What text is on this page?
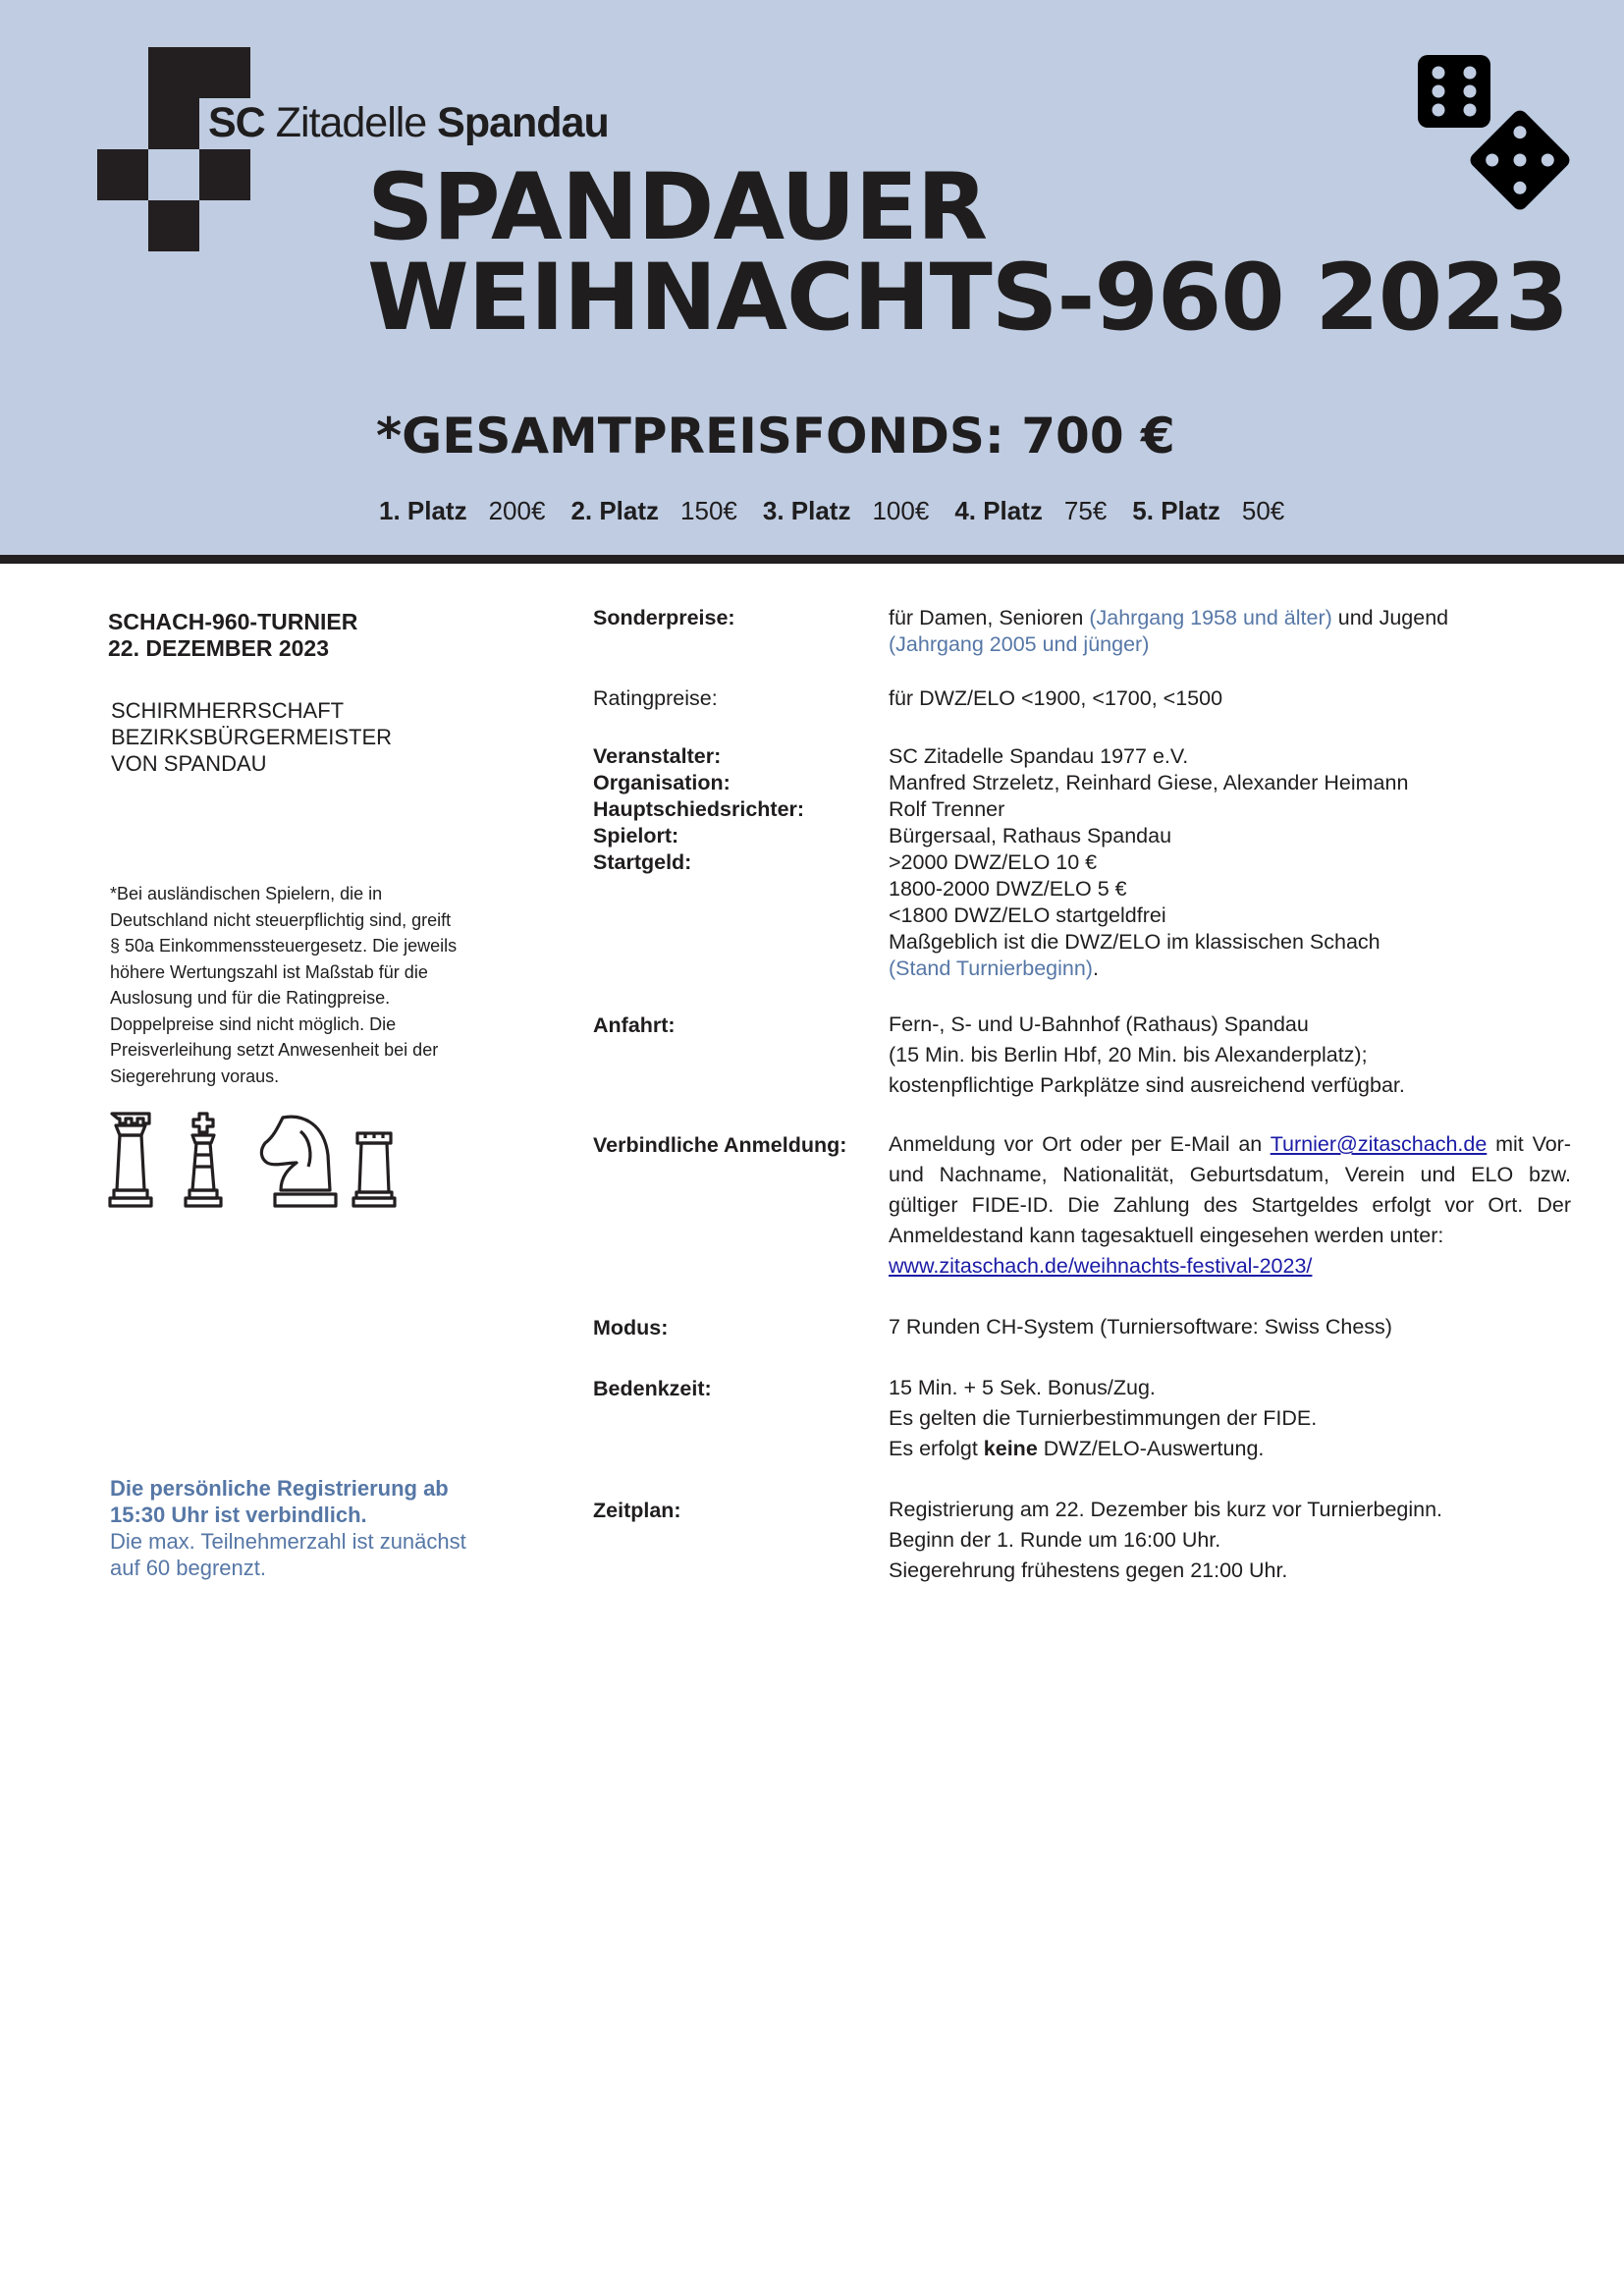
SC Zitadelle Spandau
SPANDAUER
WEIHNACHTS-960 2023
*GESAMTPREISFONDS: 700 €
1. Platz 200€ 2. Platz 150€ 3. Platz 100€ 4. Platz 75€ 5. Platz 50€
SCHACH-960-TURNIER
22. DEZEMBER 2023
SCHIRMHERRSCHAFT
BEZIRKSBÜRGERMEISTER
VON SPANDAU
*Bei ausländischen Spielern, die in
Deutschland nicht steuerpflichtig sind, greift
§ 50a Einkommenssteuergesetz. Die jeweils
höhere Wertungszahl ist Maßstab für die
Auslosung und für die Ratingpreise.
Doppelpreise sind nicht möglich. Die
Preisverleihung setzt Anwesenheit bei der
Siegerehrung voraus.
Die persönliche Registrierung ab
15:30 Uhr ist verbindlich.
Die max. Teilnehmerzahl ist zunächst
auf 60 begrenzt.
Sonderpreise:
Ratingpreise:
Veranstalter:
Organisation:
Hauptschiedsrichter:
Spielort:
Startgeld:
Anfahrt:
Verbindliche Anmeldung:
Modus:
Bedenkzeit:
Zeitplan:
für Damen, Senioren (Jahrgang 1958 und älter) und Jugend
(Jahrgang 2005 und jünger)
für DWZ/ELO <1900, <1700, <1500
SC Zitadelle Spandau 1977 e.V.
Manfred Strzeletz, Reinhard Giese, Alexander Heimann
Rolf Trenner
Bürgersaal, Rathaus Spandau
>2000 DWZ/ELO 10 €
1800-2000 DWZ/ELO 5 €
<1800 DWZ/ELO startgeldfrei
Maßgeblich ist die DWZ/ELO im klassischen Schach
(Stand Turnierbeginn).
Fern-, S- und U-Bahnhof (Rathaus) Spandau
(15 Min. bis Berlin Hbf, 20 Min. bis Alexanderplatz);
kostenpflichtige Parkplätze sind ausreichend verfügbar.
Anmeldung vor Ort oder per E-Mail an Turnier@zitaschach.de mit Vor- und Nachname, Nationalität, Geburtsdatum, Verein und ELO bzw. gültiger FIDE-ID. Die Zahlung des Startgeldes erfolgt vor Ort. Der Anmeldestand kann tagesaktuell eingesehen werden unter:
www.zitaschach.de/weihnachts-festival-2023/
7 Runden CH-System (Turniersoftware: Swiss Chess)
15 Min. + 5 Sek. Bonus/Zug.
Es gelten die Turnierbestimmungen der FIDE.
Es erfolgt keine DWZ/ELO-Auswertung.
Registrierung am 22. Dezember bis kurz vor Turnierbeginn.
Beginn der 1. Runde um 16:00 Uhr.
Siegerehrung frühestens gegen 21:00 Uhr.
